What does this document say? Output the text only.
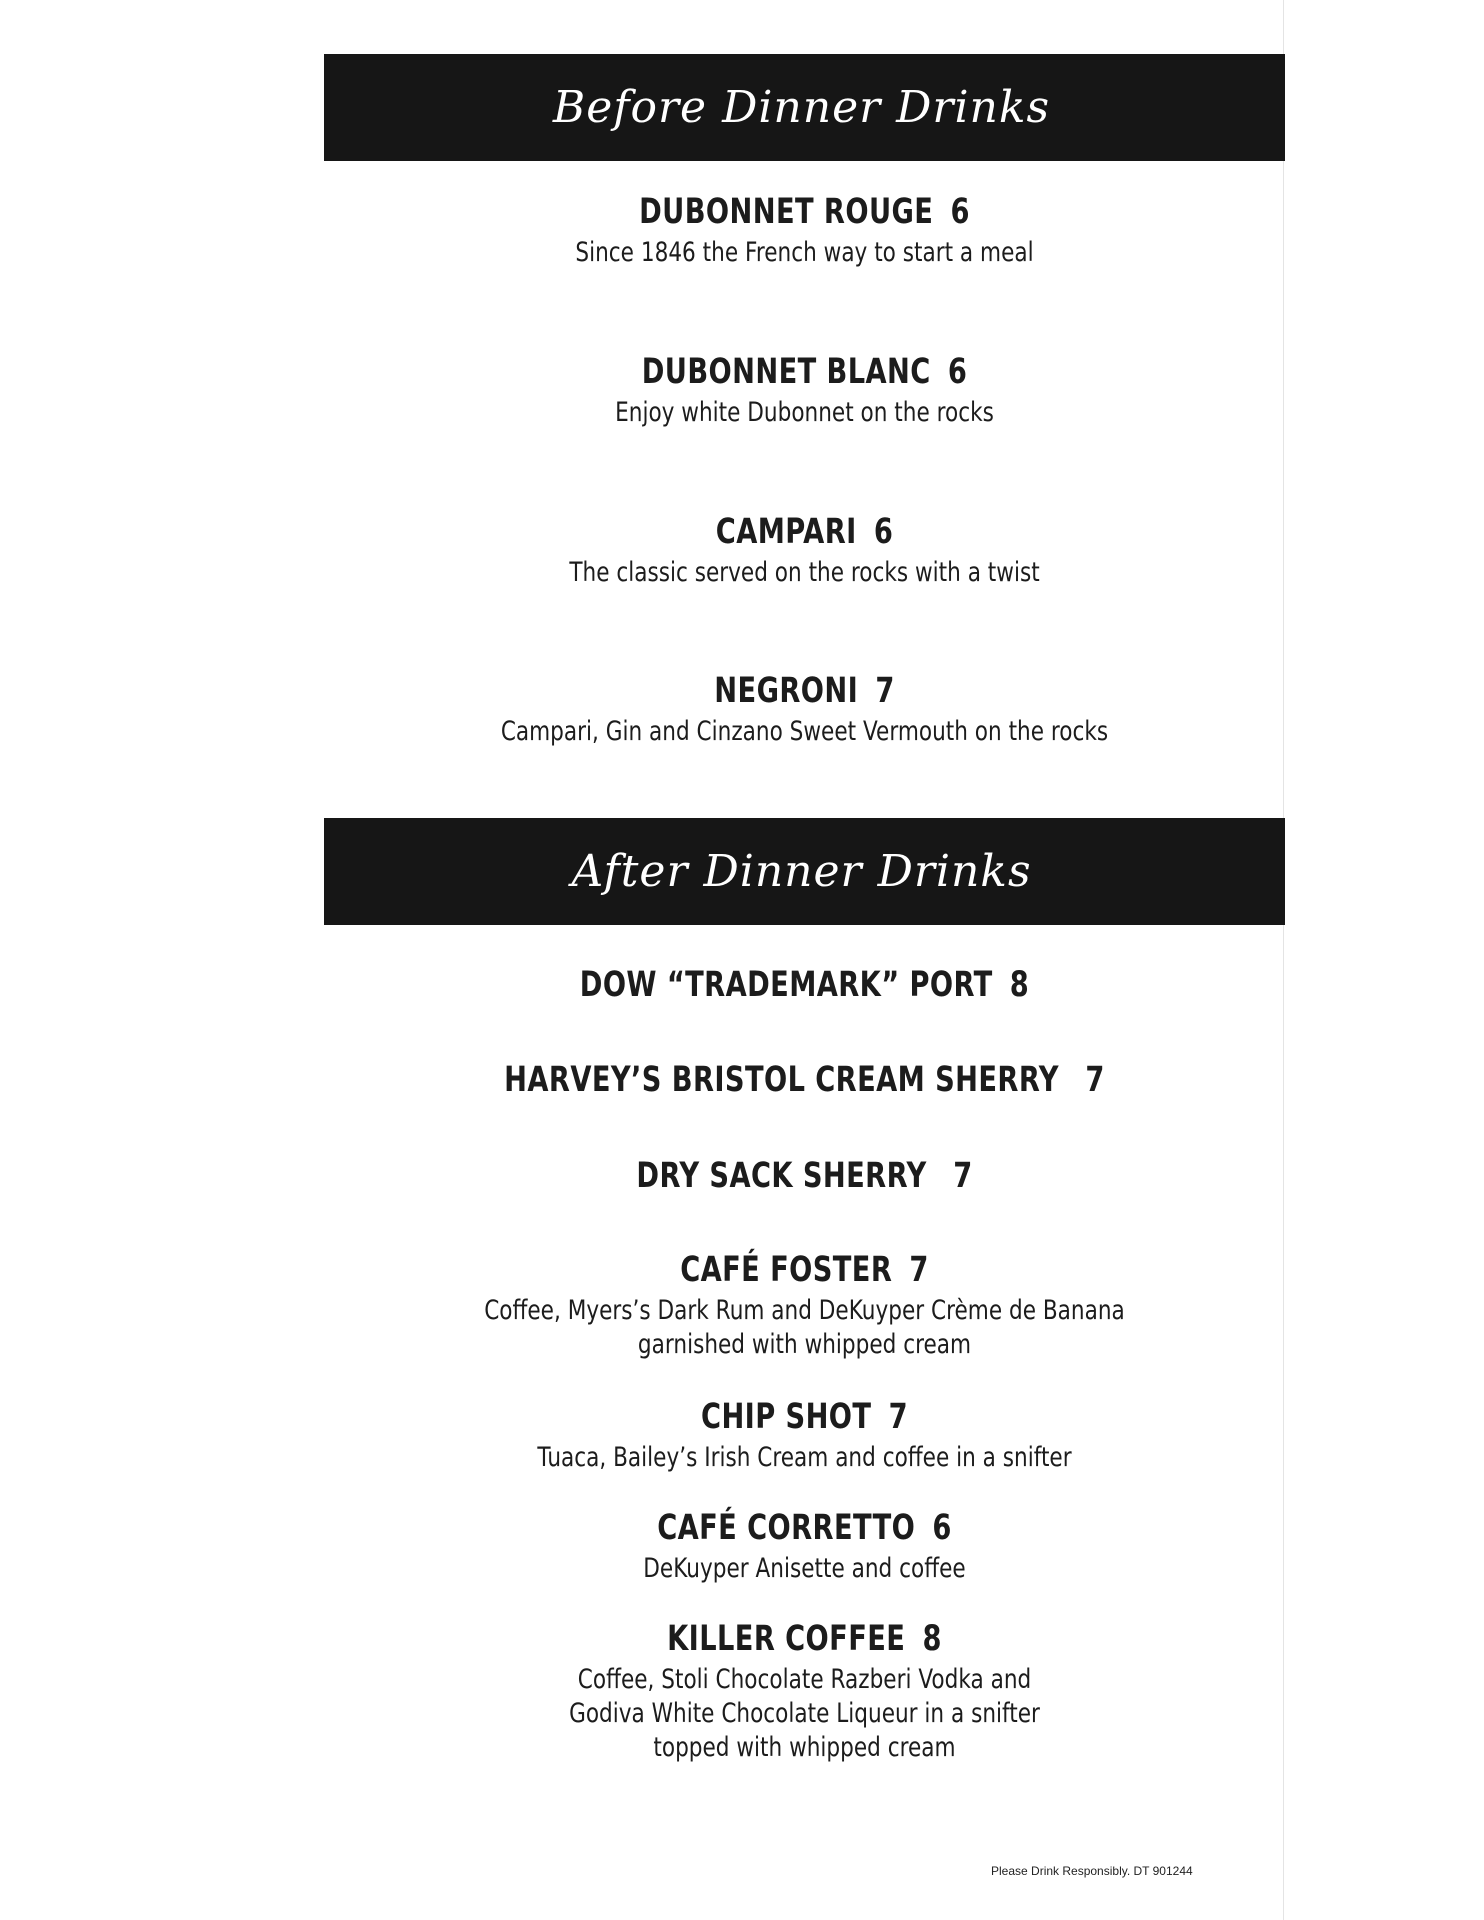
Before Dinner Drinks
DUBONNET ROUGE 6
Since 1846 the French way to start a meal
DUBONNET BLANC 6
Enjoy white Dubonnet on the rocks
CAMPARI 6
The classic served on the rocks with a twist
NEGRONI 7
Campari, Gin and Cinzano Sweet Vermouth on the rocks
After Dinner Drinks
DOW “TRADEMARK” PORT 8
HARVEY’S BRISTOL CREAM SHERRY 7
DRY SACK SHERRY 7
CAFÉ FOSTER 7
Coffee, Myers’s Dark Rum and DeKuyper Crème de Banana
garnished with whipped cream
CHIP SHOT 7
Tuaca, Bailey’s Irish Cream and coffee in a snifter
CAFÉ CORRETTO 6
DeKuyper Anisette and coffee
KILLER COFFEE 8
Coffee, Stoli Chocolate Razberi Vodka and
Godiva White Chocolate Liqueur in a snifter
topped with whipped cream
Please Drink Responsibly. DT 901244
